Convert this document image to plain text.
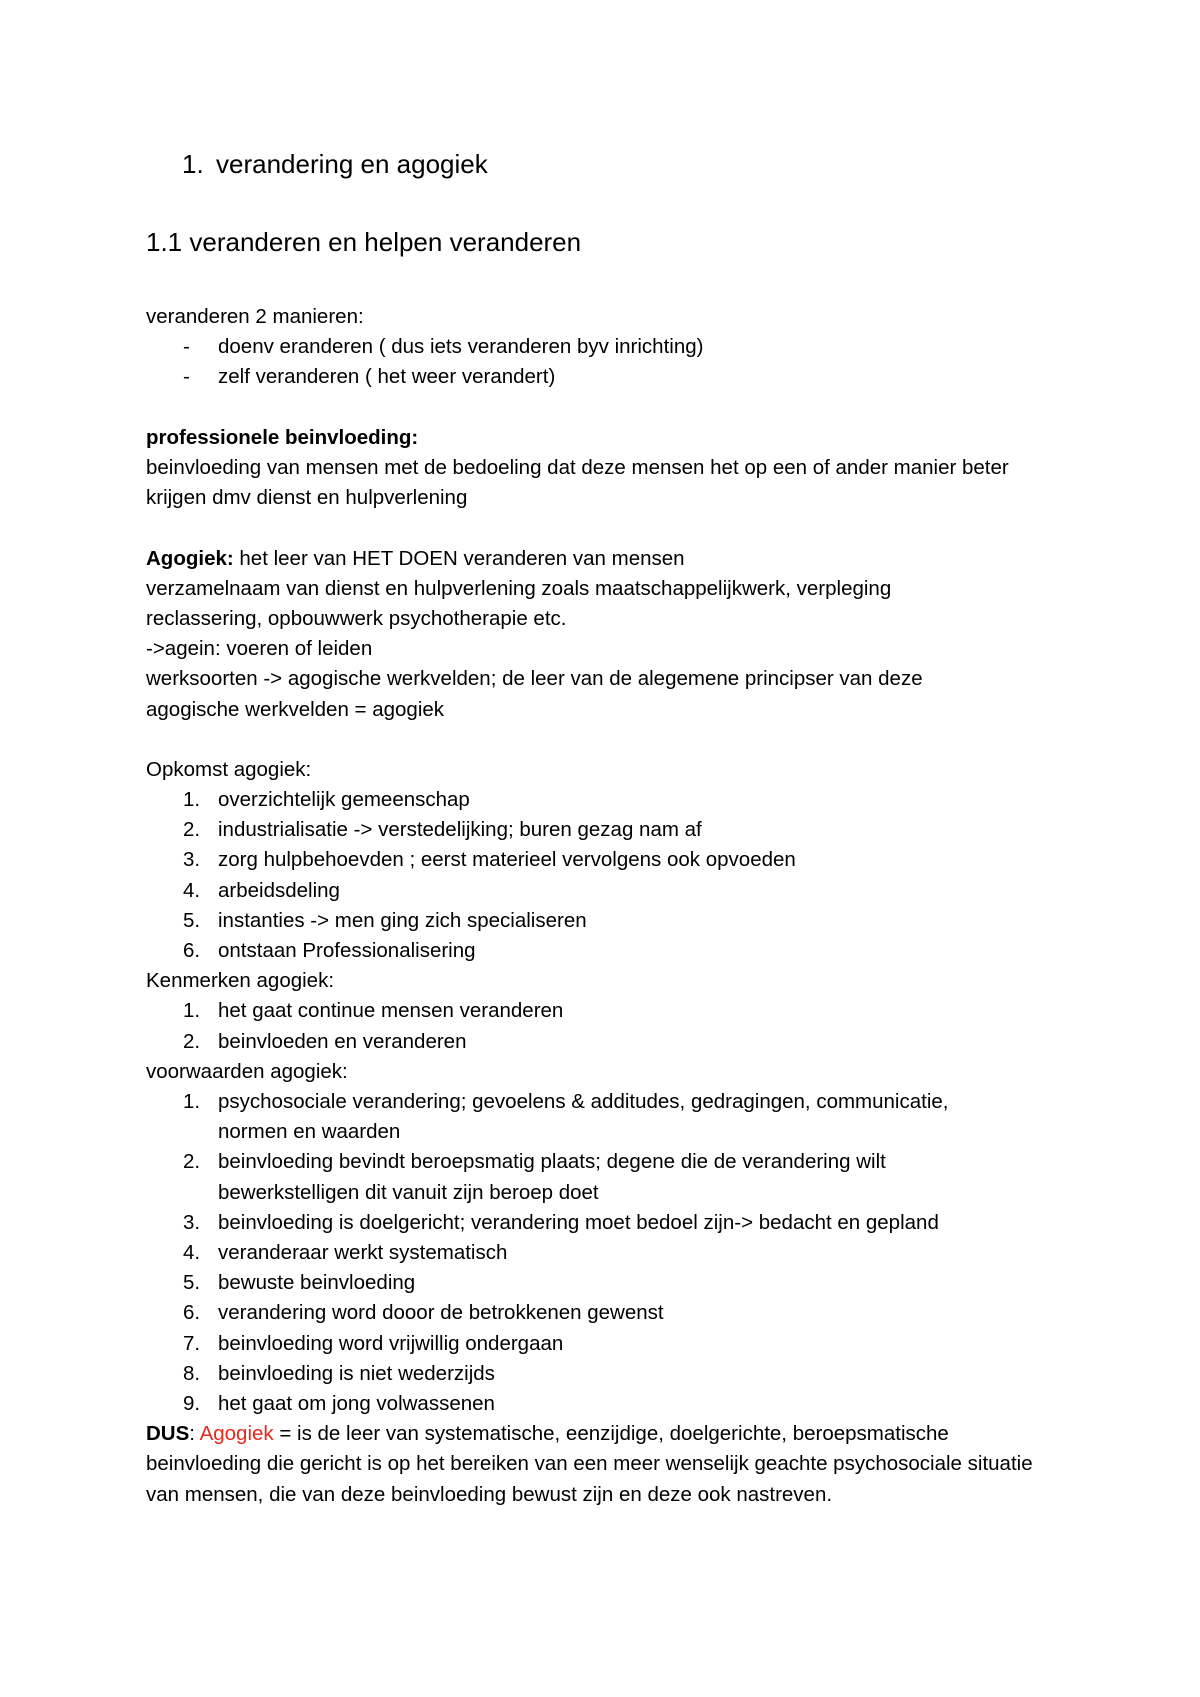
1. verandering en agogiek
1.1 veranderen en helpen veranderen
veranderen 2 manieren:
- doenv eranderen ( dus iets veranderen byv inrichting)
- zelf veranderen ( het weer verandert)
professionele beinvloeding:
beinvloeding van mensen met de bedoeling dat deze mensen het op een of ander manier beter krijgen dmv dienst en hulpverlening
Agogiek: het leer van HET DOEN veranderen van mensen
verzamelnaam van dienst en hulpverlening zoals maatschappelijkwerk, verpleging reclassering, opbouwwerk psychotherapie etc.
->agein: voeren of leiden
werksoorten -> agogische werkvelden; de leer van de alegemene principser van deze agogische werkvelden = agogiek
Opkomst agogiek:
1. overzichtelijk gemeenschap
2. industrialisatie -> verstedelijking; buren gezag nam af
3. zorg hulpbehoevden ; eerst materieel vervolgens ook opvoeden
4. arbeidsdeling
5. instanties -> men ging zich specialiseren
6. ontstaan Professionalisering
Kenmerken agogiek:
1. het gaat continue mensen veranderen
2. beinvloeden en veranderen
voorwaarden agogiek:
1. psychosociale verandering; gevoelens & additudes, gedragingen, communicatie, normen en waarden
2. beinvloeding bevindt beroepsmatig plaats; degene die de verandering wilt bewerkstelligen dit vanuit zijn beroep doet
3. beinvloeding is doelgericht; verandering moet bedoel zijn-> bedacht en gepland
4. veranderaar werkt systematisch
5. bewuste beinvloeding
6. verandering word dooor de betrokkenen gewenst
7. beinvloeding word vrijwillig ondergaan
8. beinvloeding is niet wederzijds
9. het gaat om jong volwassenen
DUS: Agogiek = is de leer van systematische, eenzijdige, doelgerichte, beroepsmatische beinvloeding die gericht is op het bereiken van een meer wenselijk geachte psychosociale situatie van mensen, die van deze beinvloeding bewust zijn en deze ook nastreven.
